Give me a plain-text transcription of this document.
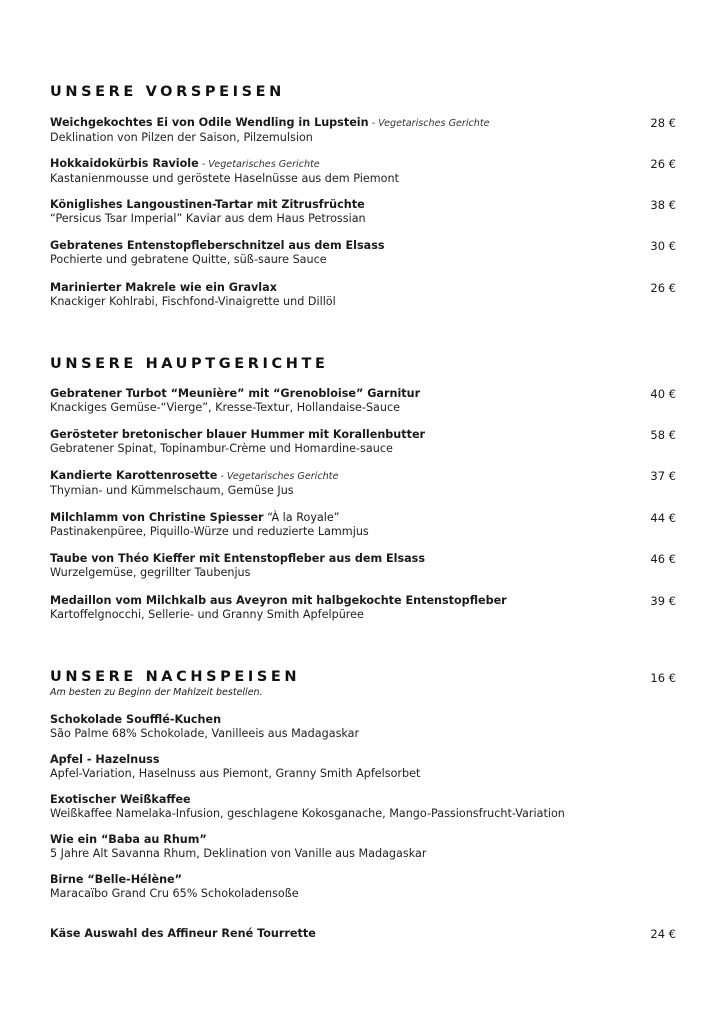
UNSERE VORSPEISEN
Weichgekochtes Ei von Odile Wendling in Lupstein - Vegetarisches Gerichte	28 €
Deklination von Pilzen der Saison, Pilzemulsion
Hokkaidokürbis Raviole - Vegetarisches Gerichte	26 €
Kastanienmousse und geröstete Haselnüsse aus dem Piemont
Königlishes Langoustinen-Tartar mit Zitrusfrüchte	38 €
“Persicus Tsar Imperial” Kaviar aus dem Haus Petrossian
Gebratenes Entenstopfleberschnitzel aus dem Elsass	30 €
Pochierte und gebratene Quitte, süß-saure Sauce
Marinierter Makrele wie ein Gravlax	26 €
Knackiger Kohlrabi, Fischfond-Vinaigrette und Dillöl
UNSERE HAUPTGERICHTE
Gebratener Turbot “Meunière” mit “Grenobloise” Garnitur	40 €
Knackiges Gemüse-“Vierge”, Kresse-Textur, Hollandaise-Sauce
Gerösteter bretonischer blauer Hummer mit Korallenbutter	58 €
Gebratener Spinat, Topinambur-Crème und Homardine-sauce
Kandierte Karottenrosette - Vegetarisches Gerichte	37 €
Thymian- und Kümmelschaum, Gemüse Jus
Milchlamm von Christine Spiesser “À la Royale”	44 €
Pastinakenpüree, Piquillo-Würze und reduzierte Lammjus
Taube von Théo Kieffer mit Entenstopfleber aus dem Elsass	46 €
Wurzelgemüse, gegrillter Taubenjus
Medaillon vom Milchkalb aus Aveyron mit halbgekochte Entenstopfleber	39 €
Kartoffelgnocchi, Sellerie- und Granny Smith Apfelpüree
UNSERE NACHSPEISEN	16 €
Am besten zu Beginn der Mahlzeit bestellen.
Schokolade Soufflé-Kuchen
São Palme 68% Schokolade, Vanilleeis aus Madagaskar
Apfel - Hazelnuss
Apfel-Variation, Haselnuss aus Piemont, Granny Smith Apfelsorbet
Exotischer Weißkaffee
Weißkaffee Namelaka-Infusion, geschlagene Kokosganache, Mango-Passionsfrucht-Variation
Wie ein “Baba au Rhum”
5 Jahre Alt Savanna Rhum, Deklination von Vanille aus Madagaskar
Birne “Belle-Hélène”
Maracaïbo Grand Cru 65% Schokoladensoße
Käse Auswahl des Affineur René Tourrette	24 €
